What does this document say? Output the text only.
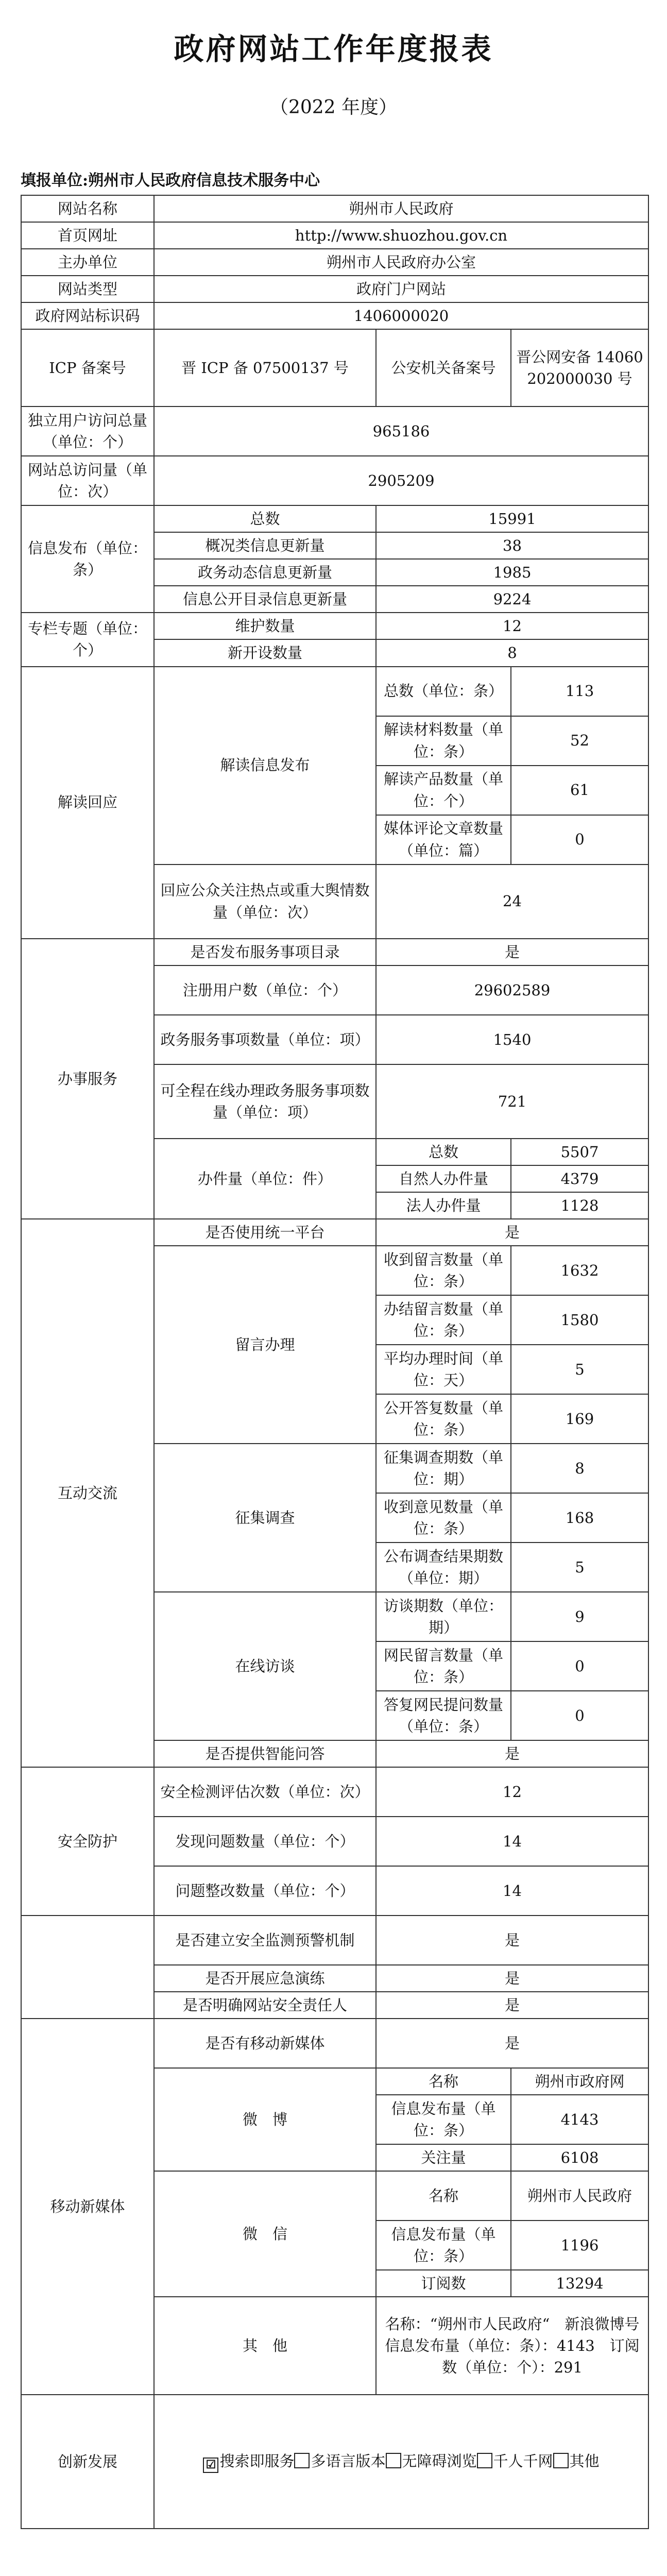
政府网站工作年度报表
（2022 年度）
填报单位:朔州市人民政府信息技术服务中心
网站名称	朔州市人民政府		
首页网址	http://www.shuozhou.gov.cn		
主办单位	朔州市人民政府办公室		
网站类型	政府门户网站		
政府网站标识码	1406000020		
ICP 备案号	晋 ICP 备 07500137 号	公安机关备案号	晋公网安备 14060202000030 号
独立用户访问总量（单位：个）	965186		
网站总访问量（单位：次）	2905209		
信息发布（单位：条）	总数	15991	
	概况类信息更新量	38	
	政务动态信息更新量	1985	
	信息公开目录信息更新量	9224	
专栏专题（单位：个）	维护数量	12	
	新开设数量	8	
解读回应	解读信息发布	总数（单位：条）	113
		解读材料数量（单位：条）	52
		解读产品数量（单位：个）	61
		媒体评论文章数量（单位：篇）	0
	回应公众关注热点或重大舆情数量（单位：次）	24	
办事服务	是否发布服务事项目录	是	
	注册用户数（单位：个）	29602589	
	政务服务事项数量（单位：项）	1540	
	可全程在线办理政务服务事项数量（单位：项）	721	
	办件量（单位：件）	总数	5507
		自然人办件量	4379
		法人办件量	1128
互动交流	是否使用统一平台	是	
	留言办理	收到留言数量（单位：条）	1632
		办结留言数量（单位：条）	1580
		平均办理时间（单位：天）	5
		公开答复数量（单位：条）	169
	征集调查	征集调查期数（单位：期）	8
		收到意见数量（单位：条）	168
		公布调查结果期数（单位：期）	5
	在线访谈	访谈期数（单位：期）	9
		网民留言数量（单位：条）	0
		答复网民提问数量（单位：条）	0
	是否提供智能问答	是	
安全防护	安全检测评估次数（单位：次）	12	
	发现问题数量（单位：个）	14	
	问题整改数量（单位：个）	14	
	是否建立安全监测预警机制	是	
	是否开展应急演练	是	
	是否明确网站安全责任人	是	
移动新媒体	是否有移动新媒体	是	
	微　博	名称	朔州市政府网
		信息发布量（单位：条）	4143
		关注量	6108
	微　信	名称	朔州市人民政府
		信息发布量（单位：条）	1196
		订阅数	13294
	其　他	名称：“朔州市人民政府“　新浪微博号　信息发布量（单位：条）：4143　订阅数（单位：个）：291	
创新发展	☑ 搜索即服务 多语言版本 无障碍浏览 千人千网 其他		
